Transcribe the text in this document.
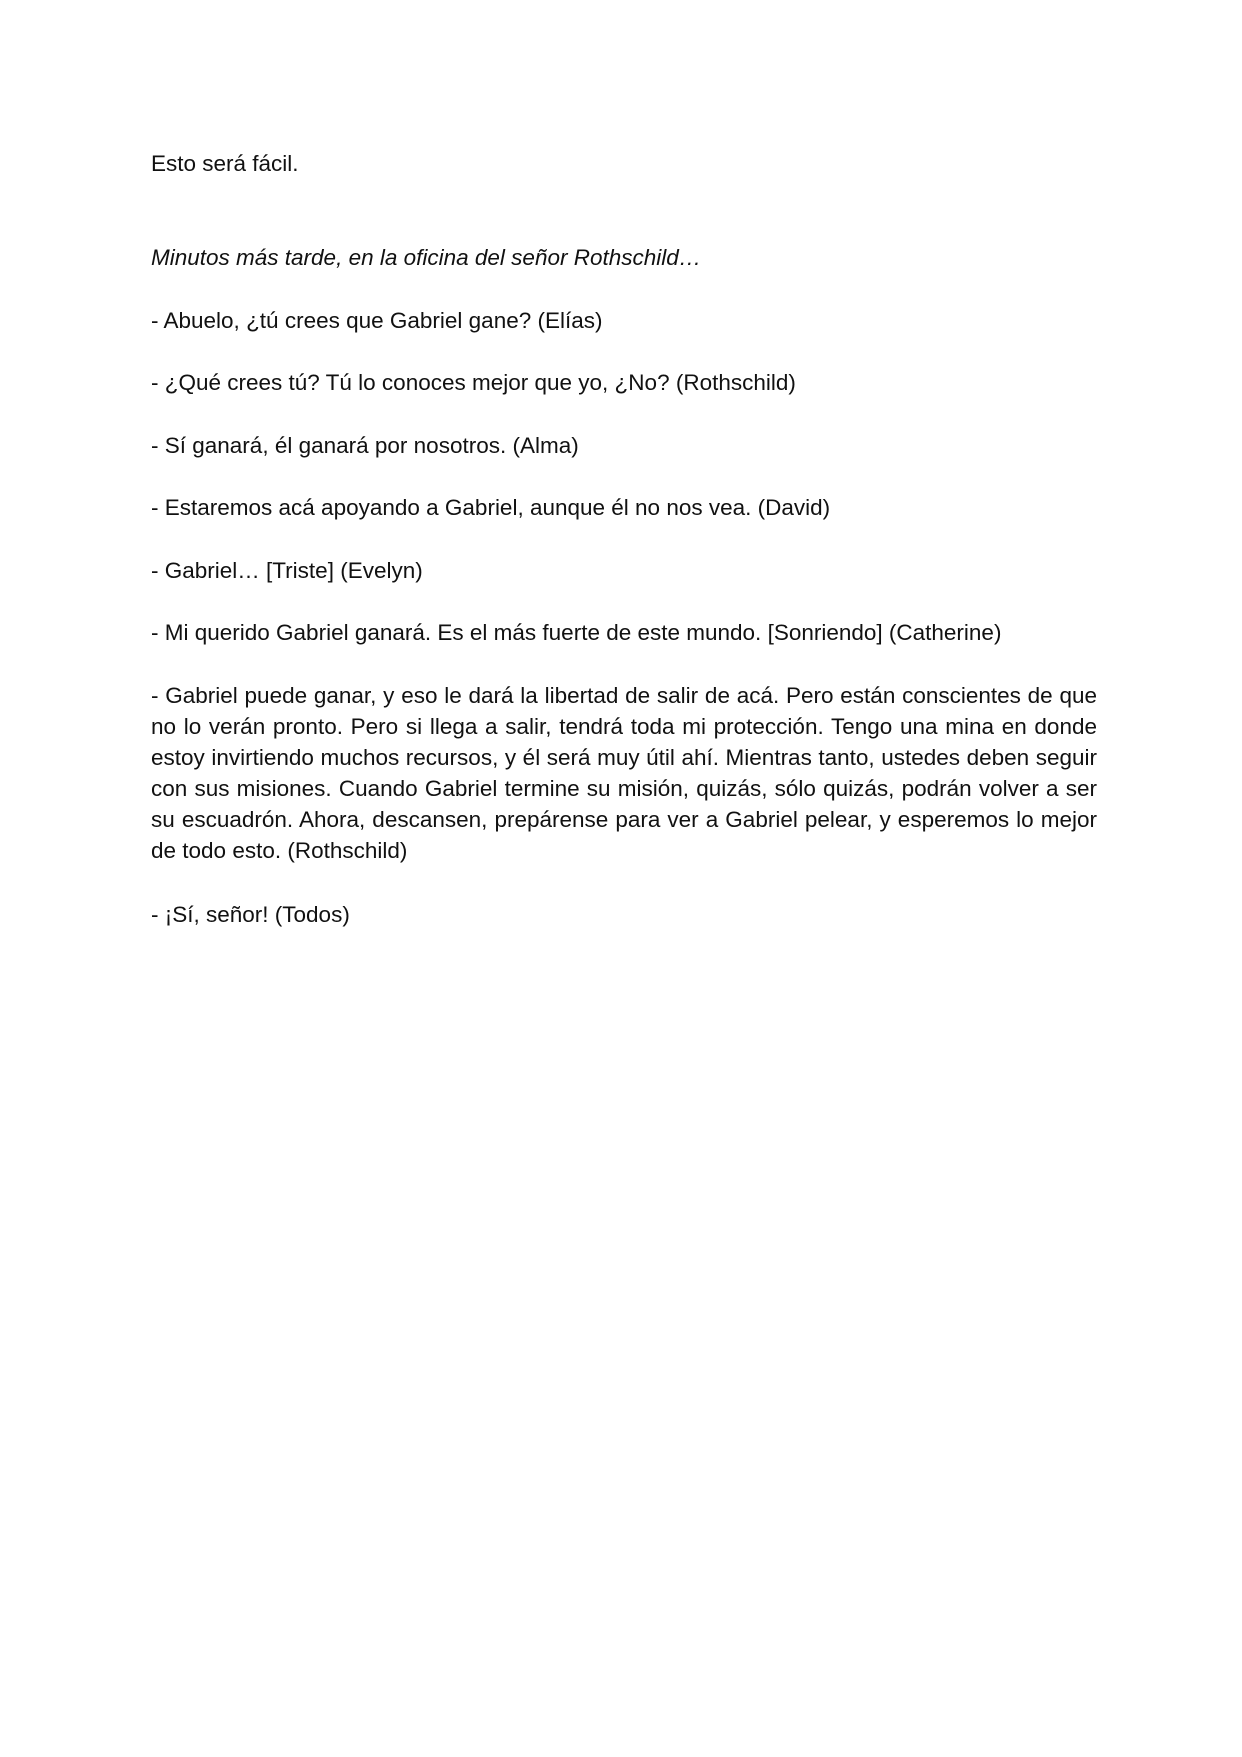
Esto será fácil.

Minutos más tarde, en la oficina del señor Rothschild…

- Abuelo, ¿tú crees que Gabriel gane? (Elías)

- ¿Qué crees tú? Tú lo conoces mejor que yo, ¿No? (Rothschild)

- Sí ganará, él ganará por nosotros. (Alma)

- Estaremos acá apoyando a Gabriel, aunque él no nos vea. (David)

- Gabriel… [Triste] (Evelyn)

- Mi querido Gabriel ganará. Es el más fuerte de este mundo. [Sonriendo] (Catherine)

- Gabriel puede ganar, y eso le dará la libertad de salir de acá. Pero están conscientes de que no lo verán pronto. Pero si llega a salir, tendrá toda mi protección. Tengo una mina en donde estoy invirtiendo muchos recursos, y él será muy útil ahí. Mientras tanto, ustedes deben seguir con sus misiones. Cuando Gabriel termine su misión, quizás, sólo quizás, podrán volver a ser su escuadrón. Ahora, descansen, prepárense para ver a Gabriel pelear, y esperemos lo mejor de todo esto. (Rothschild)

- ¡Sí, señor! (Todos)
